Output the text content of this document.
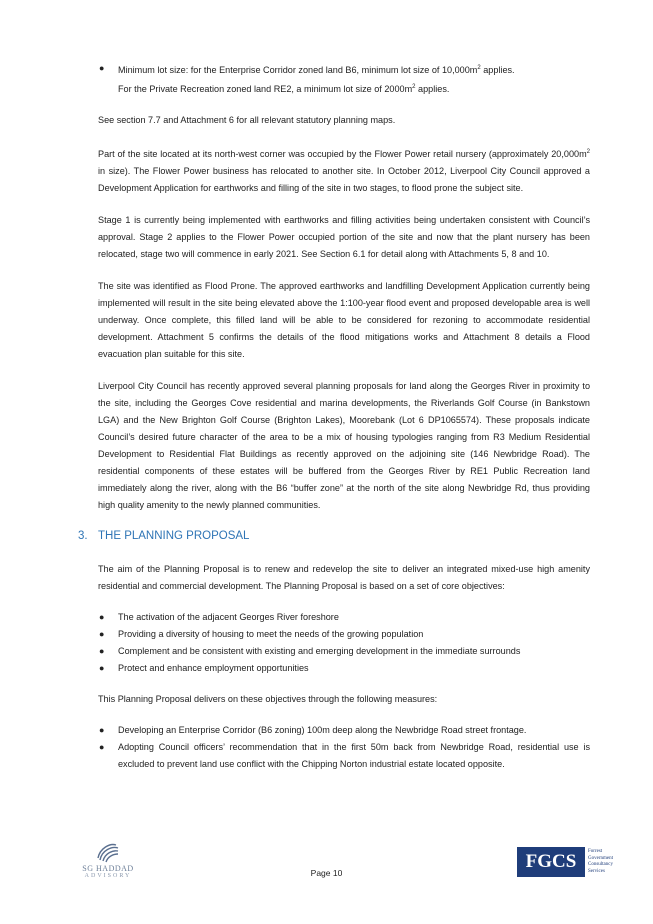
● Minimum lot size: for the Enterprise Corridor zoned land B6, minimum lot size of $10,000m^2$ applies.
For the Private Recreation zoned land RE2, a minimum lot size of $2000m^2$ applies.

See section 7.7 and Attachment 6 for all relevant statutory planning maps.

Part of the site located at its north-west corner was occupied by the Flower Power retail nursery (approximately $20,000m^2$ in size). The Flower Power business has relocated to another site. In October 2012, Liverpool City Council approved a Development Application for earthworks and filling of the site in two stages, to flood prone the subject site.

Stage 1 is currently being implemented with earthworks and filling activities being undertaken consistent with Council’s approval. Stage 2 applies to the Flower Power occupied portion of the site and now that the plant nursery has been relocated, stage two will commence in early 2021. See Section 6.1 for detail along with Attachments 5, 8 and 10.

The site was identified as Flood Prone. The approved earthworks and landfilling Development Application currently being implemented will result in the site being elevated above the 1:100-year flood event and proposed developable area is well underway. Once complete, this filled land will be able to be considered for rezoning to accommodate residential development. Attachment 5 confirms the details of the flood mitigations works and Attachment 8 details a Flood evacuation plan suitable for this site.

Liverpool City Council has recently approved several planning proposals for land along the Georges River in proximity to the site, including the Georges Cove residential and marina developments, the Riverlands Golf Course (in Bankstown LGA) and the New Brighton Golf Course (Brighton Lakes), Moorebank (Lot 6 DP1065574). These proposals indicate Council’s desired future character of the area to be a mix of housing typologies ranging from R3 Medium Residential Development to Residential Flat Buildings as recently approved on the adjoining site (146 Newbridge Road). The residential components of these estates will be buffered from the Georges River by RE1 Public Recreation land immediately along the river, along with the B6 “buffer zone” at the north of the site along Newbridge Rd, thus providing high quality amenity to the newly planned communities.

3. THE PLANNING PROPOSAL

The aim of the Planning Proposal is to renew and redevelop the site to deliver an integrated mixed-use high amenity residential and commercial development. The Planning Proposal is based on a set of core objectives:

● The activation of the adjacent Georges River foreshore
● Providing a diversity of housing to meet the needs of the growing population
● Complement and be consistent with existing and emerging development in the immediate surrounds
● Protect and enhance employment opportunities

This Planning Proposal delivers on these objectives through the following measures:

● Developing an Enterprise Corridor (B6 zoning) 100m deep along the Newbridge Road street frontage.
● Adopting Council officers’ recommendation that in the first 50m back from Newbridge Road, residential use is excluded to prevent land use conflict with the Chipping Norton industrial estate located opposite.
SG HADDAD
ADVISORY	Page 10
FGCS	Forrest
Government
Consultancy
Services
